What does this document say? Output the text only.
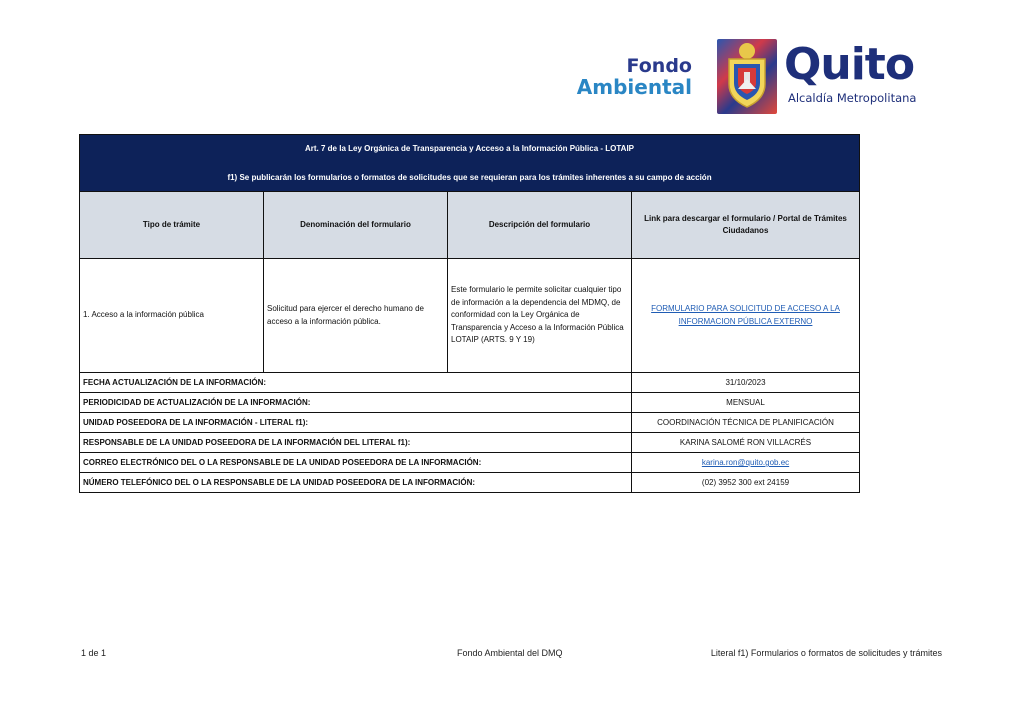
Fondo
Ambiental Quito
Alcaldía Metropolitana
Art. 7 de la Ley Orgánica de Transparencia y Acceso a la Información Pública - LOTAIP
f1) Se publicarán los formularios o formatos de solicitudes que se requieran para los trámites inherentes a su campo de acción			
Tipo de trámite	Denominación del formulario	Descripción del formulario	Link para descargar el formulario / Portal de Trámites Ciudadanos
1. Acceso a la información pública	Solicitud para ejercer el derecho humano de acceso a la información pública.	Este formulario le permite solicitar cualquier tipo de información a la dependencia del MDMQ, de conformidad con la Ley Orgánica de Transparencia y Acceso a la Información Pública LOTAIP (ARTS. 9 Y 19)	FORMULARIO PARA SOLICITUD DE ACCESO A LA INFORMACION PÚBLICA EXTERNO
FECHA ACTUALIZACIÓN DE LA INFORMACIÓN:			31/10/2023
PERIODICIDAD DE ACTUALIZACIÓN DE LA INFORMACIÓN:			MENSUAL
UNIDAD POSEEDORA DE LA INFORMACIÓN - LITERAL f1):			COORDINACIÓN TÉCNICA DE PLANIFICACIÓN
RESPONSABLE DE LA UNIDAD POSEEDORA DE LA INFORMACIÓN DEL LITERAL f1):			KARINA SALOMÉ RON VILLACRÉS
CORREO ELECTRÓNICO DEL O LA RESPONSABLE DE LA UNIDAD POSEEDORA DE LA INFORMACIÓN:			karina.ron@quito.gob.ec
NÚMERO TELEFÓNICO DEL O LA RESPONSABLE DE LA UNIDAD POSEEDORA DE LA INFORMACIÓN:			(02) 3952 300 ext 24159
1 de 1	Fondo Ambiental del DMQ	Literal f1) Formularios o formatos de solicitudes y trámites
